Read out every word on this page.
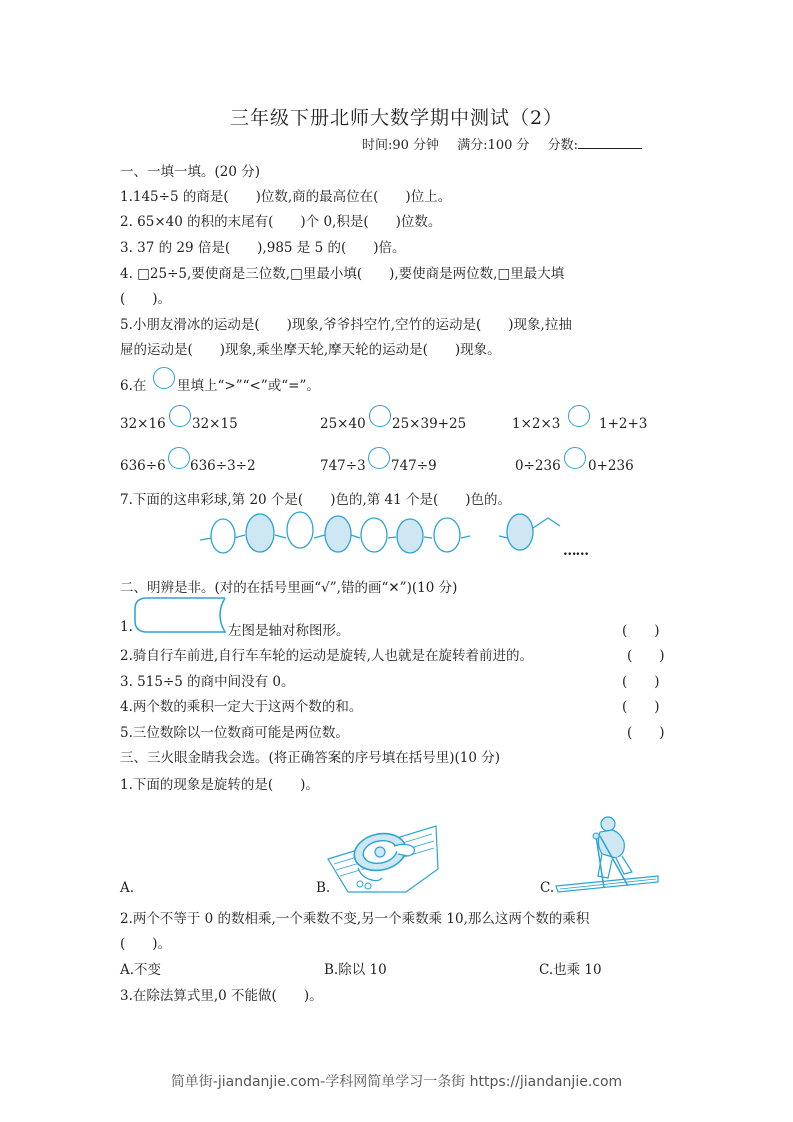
三年级下册北师大数学期中测试（2）
时间:90 分钟 满分:100 分 分数:
一、一填一填。(20 分)
1.145÷5 的商是(　　)位数,商的最高位在(　　)位上。
2. 65×40 的积的末尾有(　　)个 0,积是(　　)位数。
3. 37 的 29 倍是(　　),985 是 5 的(　　)倍。
4. □25÷5,要使商是三位数,□里最小填(　　),要使商是两位数,□里最大填
(　　)。
5.小朋友滑冰的运动是(　　)现象,爷爷抖空竹,空竹的运动是(　　)现象,拉抽
屉的运动是(　　)现象,乘坐摩天轮,摩天轮的运动是(　　)现象。
6.在 里填上“>”“<”或“=”。
32×16 32×15	25×40 25×39+25	1×2×3	1+2+3
636÷6 636÷3÷2	747÷3 747÷9	0÷236 0+236
7.下面的这串彩球,第 20 个是(　　)色的,第 41 个是(　　)色的。
……
二、明辨是非。(对的在括号里画“√”,错的画“✕”)(10 分)
1.	左图是轴对称图形。	(　　)
2.骑自行车前进,自行车车轮的运动是旋转,人也就是在旋转着前进的。	(　　)
3. 515÷5 的商中间没有 0。	(　　)
4.两个数的乘积一定大于这两个数的和。	(　　)
5.三位数除以一位数商可能是两位数。	(　　)
三、三火眼金睛我会选。(将正确答案的序号填在括号里)(10 分)
1.下面的现象是旋转的是(　　)。
A.	B.	C.
2.两个不等于 0 的数相乘,一个乘数不变,另一个乘数乘 10,那么这两个数的乘积
(　　)。
A.不变	B.除以 10	C.也乘 10
3.在除法算式里,0 不能做(　　)。
简单街-jiandanjie.com-学科网简单学习一条街 https://jiandanjie.com
